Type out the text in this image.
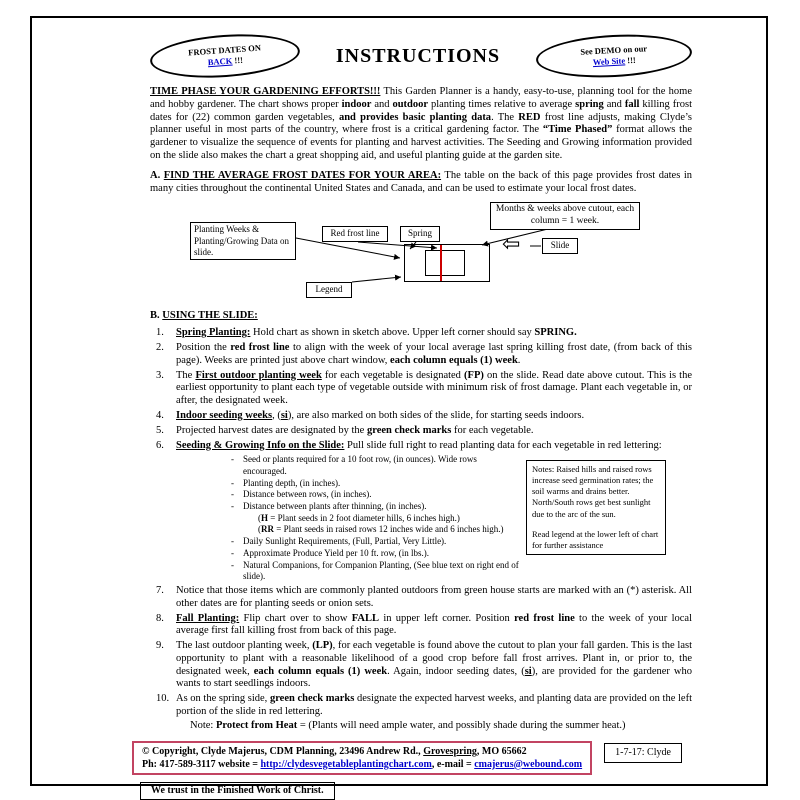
FROST DATES ON
BACK !!!	INSTRUCTIONS	See DEMO on our
Web Site !!!

TIME PHASE YOUR GARDENING EFFORTS!!! This Garden Planner is a handy, easy-to-use, planning tool for the home and hobby gardener. The chart shows proper indoor and outdoor planting times relative to average spring and fall killing frost dates for (22) common garden vegetables, and provides basic planting data. The RED frost line adjusts, making Clyde’s planner useful in most parts of the country, where frost is a critical gardening factor. The “Time Phased” format allows the gardener to visualize the sequence of events for planting and harvest activities. The Seeding and Growing information provided on the slide also makes the chart a great shopping aid, and useful planting guide at the garden site.

A. FIND THE AVERAGE FROST DATES FOR YOUR AREA: The table on the back of this page provides frost dates in many cities throughout the continental United States and Canada, and can be used to estimate your local frost dates.

Months & weeks above cutout, each column = 1 week.
Planting Weeks & Planting/Growing Data on slide.
Red frost line	Spring
Slide
Legend
⇦

B. USING THE SLIDE:

1.	Spring Planting: Hold chart as shown in sketch above. Upper left corner should say SPRING.
2.	Position the red frost line to align with the week of your local average last spring killing frost date, (from back of this page). Weeks are printed just above chart window, each column equals (1) week.
3.	The First outdoor planting week for each vegetable is designated (FP) on the slide. Read date above cutout. This is the earliest opportunity to plant each type of vegetable outside with minimum risk of frost damage. Plant each vegetable in, or after, the designated week.
4.	Indoor seeding weeks, (si), are also marked on both sides of the slide, for starting seeds indoors.
5.	Projected harvest dates are designated by the green check marks for each vegetable.
6.	Seeding & Growing Info on the Slide: Pull slide full right to read planting data for each vegetable in red lettering:
-	Seed or plants required for a 10 foot row, (in ounces). Wide rows encouraged.
-	Planting depth, (in inches).
-	Distance between rows, (in inches).
-	Distance between plants after thinning, (in inches).
(H = Plant seeds in 2 foot diameter hills, 6 inches high.)
(RR = Plant seeds in raised rows 12 inches wide and 6 inches high.)
-	Daily Sunlight Requirements, (Full, Partial, Very Little).
-	Approximate Produce Yield per 10 ft. row, (in lbs.).
-	Natural Companions, for Companion Planting, (See blue text on right end of slide).
Notes: Raised hills and raised rows increase seed germination rates; the soil warms and drains better. North/South rows get best sunlight due to the arc of the sun.
Read legend at the lower left of chart for further assistance
7.	Notice that those items which are commonly planted outdoors from green house starts are marked with an (*) asterisk. All other dates are for planting seeds or onion sets.
8.	Fall Planting: Flip chart over to show FALL in upper left corner. Position red frost line to the week of your local average first fall killing frost from back of this page.
9.	The last outdoor planting week, (LP), for each vegetable is found above the cutout to plan your fall garden. This is the last opportunity to plant with a reasonable likelihood of a good crop before fall frost arrives. Plant in, or prior to, the designated week, each column equals (1) week. Again, indoor seeding dates, (si), are provided for the gardener who wants to start seedlings indoors.
10. As on the spring side, green check marks designate the expected harvest weeks, and planting data are provided on the left portion of the slide in red lettering.
Note: Protect from Heat = (Plants will need ample water, and possibly shade during the summer heat.)
© Copyright, Clyde Majerus, CDM Planning, 23496 Andrew Rd., Grovespring, MO 65662
Ph: 417-589-3117 website = http://clydesvegetableplantingchart.com, e-mail = cmajerus@webound.com
1-7-17: Clyde
We trust in the Finished Work of Christ.
